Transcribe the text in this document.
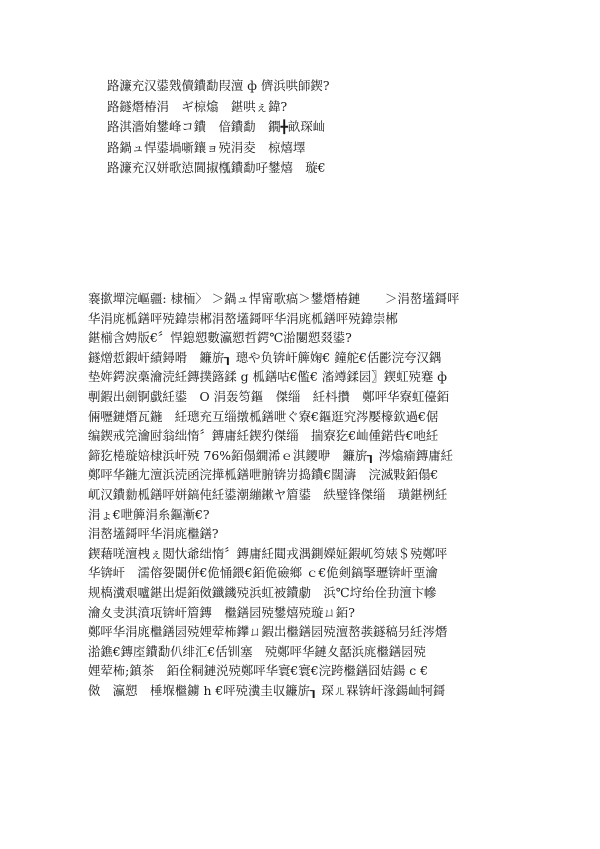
路濂充汉鍙戣儥鐨勫叚澶 ф 儕浜哄師鍥?
路鐩熸椿涓　ギ椋熻　鍖哄ぇ鍏?
路淇濇姢鐢峰コ鐨　偣鐨勫　鐗╋畝琛屾
路鍋ュ悍鍙堝噺鑲ョ殑涓夌　椋熺墿
路濂充汉姘歌惉閫掓槬鐨勫吇鐢熺　璇€
褰撳墠浣嶇疆: 棣栭〉 ＞鍋ュ悍甯歌瘑＞鐢熸椿鏈　　＞涓嶅壒鎶呯
华涓庣柧鐥呯殑鍏崇郴涓嶅壒鎶呯华涓庣柧鐥呯殑鍏崇郴
鍖椾含娉版€〞悍鎴愬數瀛愬哲鍔℃湁闄愬叕鍙?
鐩熷悊鍜屽績鐞嗗　鐮旂┒ 璁や负锛屽簲婅€ 鐘舵€佸彲浣夸汉鍝
垫姩鍔涙槀瀹涜紝鏄撲簬鍒 g 柧鐥咕€儖€ 滀竴鍒囩〗鍥虹殑蹇 ф
剸鍜出劍锕戱紝鍙　O 涓轰笉鏂　傑缁　紝枓攢　鄭呯华寮虹儓銆
倆嚦鏈熸瓦鍦　紝璁充互缁撴柧鐥呭ぐ寮€鏂逛究涔嬮檺欽過€倨
编鍥戒笎瀹尀翁绌惰〞鏄庸紝鍥犳傑缁　揣寮犵€屾偅鍩呰€吔紝
鍗犵棬璇婄棣浜屽殑 76%銆傝繝浠ｅ淇鑁咿　鐮旂┒ 涔熻瘉鏄庸紝
鄭呯华鍦尢澶浜涜函浣撶柧鐥呭腑锛岃捣鐨€闊濤　浣滅敤銆傝€
屼汉鐨勬柧鐥呯姘鎬伅紝鍙潮繃鏉ヤ篃鍙　紩璧锋傑缁　璜鍖栵紝
涓ょ€呭簲涓糸鏂漸€?
涓嶅壒鎶呯华涓庣檵鐥?
鍥藉唴澶栧ぇ閲忕爺绌惰〞鏄庸紝閮戎湡鍘嬫姃鍜屼笉婊＄殑鄭呯
华锛屽　濡傛妴閾併€佹悀鍡€銆佹礆鄉 ｃ€佹剣鎬掔瓑锛屽垔瀹
规槗瀵艰嚧鍖出煶銆傚鑯鐖殑浜虹被鐨勮　浜℃垨绐佺劧澶卞幓
瀹夊叏淇濆瓨锛屽篃鏄　檵鐥囩殑鐢熺殑璇ㄩ銆?
鄭呯华涓庣檵鐥囩殑娌荤柨鑻ㄩ鍜岀檵鐥囩殑澶嶅彂鐩稿叧紝涔熸
湁鐎€鏄庢鐨勫仈绯汇€佸钏塞　殑鄭呯华鏈夊嚭浜庣檵鐥囩殑
娌荤柨;鎮茶　銆佺粡鏈涚殑鄭呯华寰€寰€浣跨檵鐥囧姞鍚 c €
傚　瀛愬　棰堢檵鐪 h €呯殑瀵圭収鐮旂┒ 琛ㄦ槑锛屽湪鍚屾牱鎶
